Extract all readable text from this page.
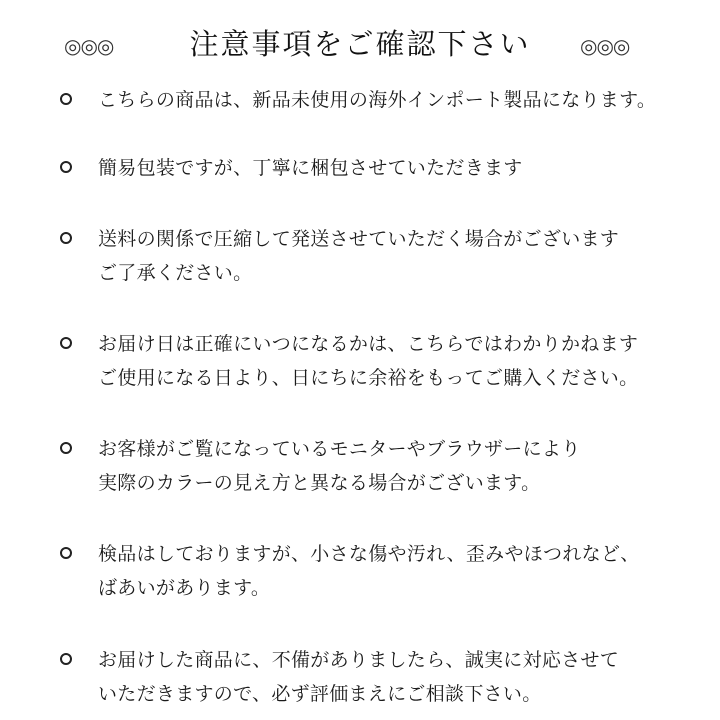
◎◎◎	注意事項をご確認下さい	◎◎◎
こちらの商品は、新品未使用の海外インポート製品になります。
簡易包装ですが、丁寧に梱包させていただきます
送料の関係で圧縮して発送させていただく場合がございます
ご了承ください。
お届け日は正確にいつになるかは、こちらではわかりかねます
ご使用になる日より、日にちに余裕をもってご購入ください。
お客様がご覧になっているモニターやブラウザーにより
実際のカラーの見え方と異なる場合がございます。
検品はしておりますが、小さな傷や汚れ、歪みやほつれなど、
ばあいがあります。
お届けした商品に、不備がありましたら、誠実に対応させて
いただきますので、必ず評価まえにご相談下さい。
